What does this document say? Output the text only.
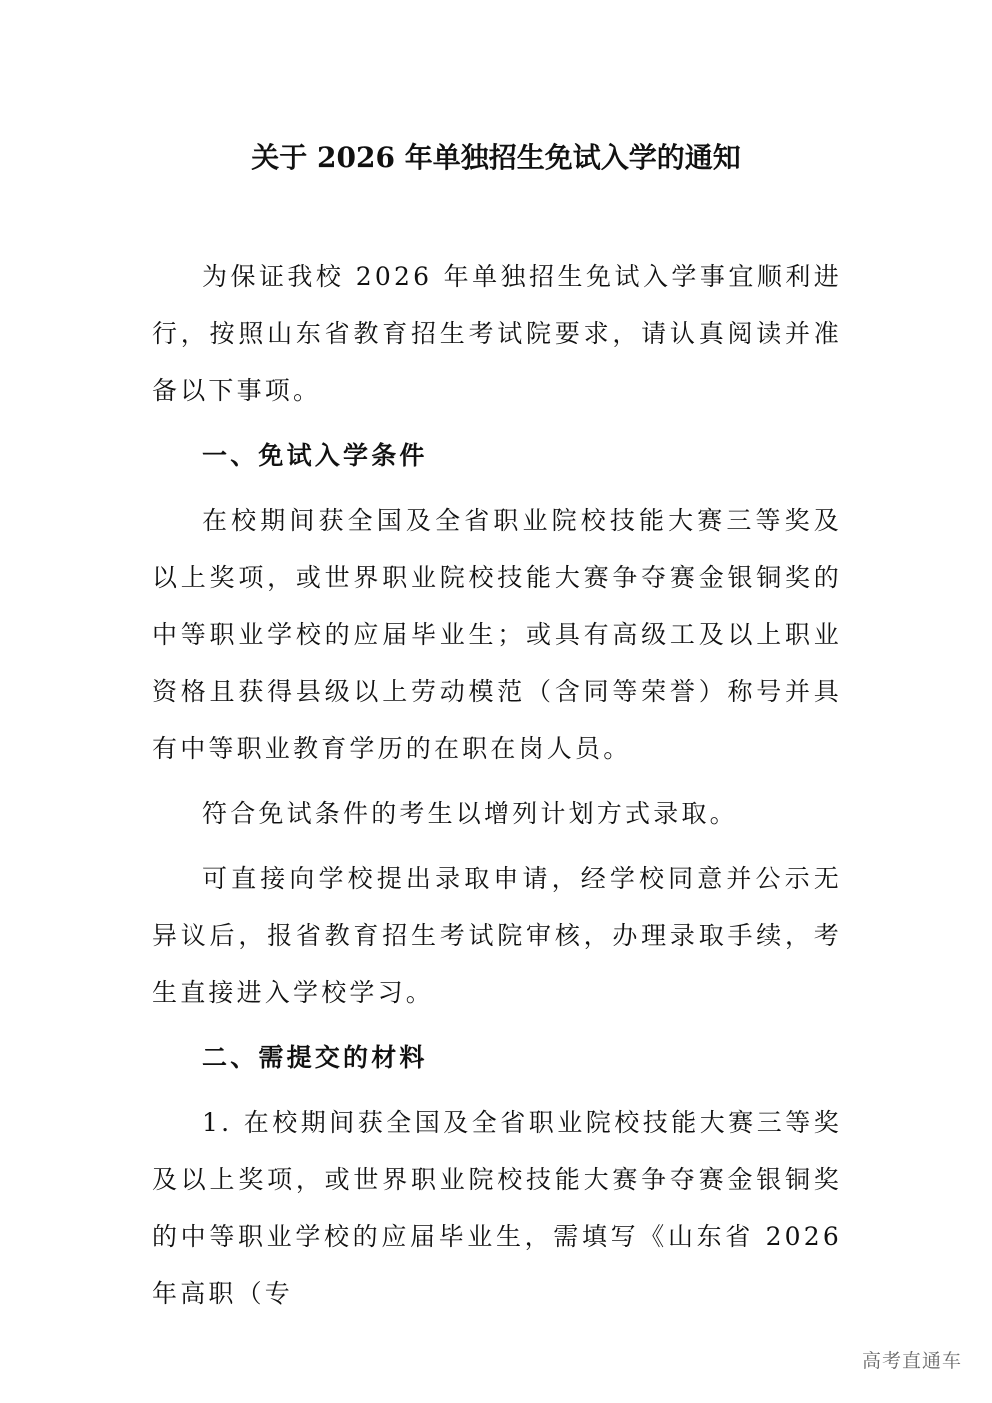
关于 2026 年单独招生免试入学的通知

为保证我校 2026 年单独招生免试入学事宜顺利进行，按照山东省教育招生考试院要求，请认真阅读并准备以下事项。

一、免试入学条件

在校期间获全国及全省职业院校技能大赛三等奖及以上奖项，或世界职业院校技能大赛争夺赛金银铜奖的中等职业学校的应届毕业生；或具有高级工及以上职业资格且获得县级以上劳动模范（含同等荣誉）称号并具有中等职业教育学历的在职在岗人员。

符合免试条件的考生以增列计划方式录取。

可直接向学校提出录取申请，经学校同意并公示无异议后，报省教育招生考试院审核，办理录取手续，考生直接进入学校学习。

二、需提交的材料

1. 在校期间获全国及全省职业院校技能大赛三等奖及以上奖项，或世界职业院校技能大赛争夺赛金银铜奖的中等职业学校的应届毕业生，需填写《山东省 2026 年高职（专

高考直通车
